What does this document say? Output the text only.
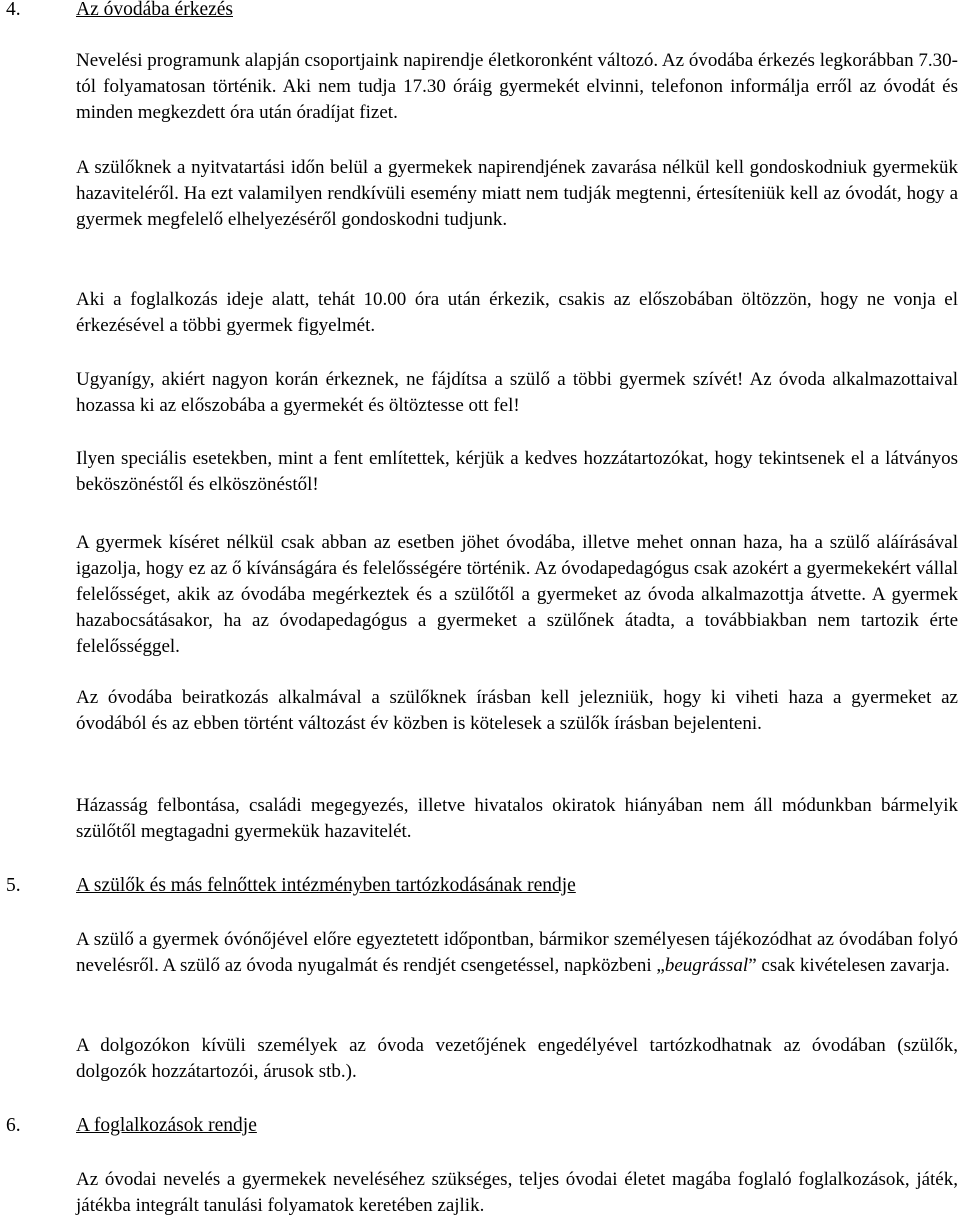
4.	Az óvodába érkezés

Nevelési programunk alapján csoportjaink napirendje életkoronként változó. Az óvodába érkezés legkorábban 7.30-tól folyamatosan történik. Aki nem tudja 17.30 óráig gyermekét elvinni, telefonon informálja erről az óvodát és minden megkezdett óra után óradíjat fizet.

A szülőknek a nyitvatartási időn belül a gyermekek napirendjének zavarása nélkül kell gondoskodniuk gyermekük hazaviteléről. Ha ezt valamilyen rendkívüli esemény miatt nem tudják megtenni, értesíteniük kell az óvodát, hogy a gyermek megfelelő elhelyezéséről gondoskodni tudjunk.

Aki a foglalkozás ideje alatt, tehát 10.00 óra után érkezik, csakis az előszobában öltözzön, hogy ne vonja el érkezésével a többi gyermek figyelmét.

Ugyanígy, akiért nagyon korán érkeznek, ne fájdítsa a szülő a többi gyermek szívét! Az óvoda alkalmazottaival hozassa ki az előszobába a gyermekét és öltöztesse ott fel!

Ilyen speciális esetekben, mint a fent említettek, kérjük a kedves hozzátartozókat, hogy tekintsenek el a látványos beköszönéstől és elköszönéstől!

A gyermek kíséret nélkül csak abban az esetben jöhet óvodába, illetve mehet onnan haza, ha a szülő aláírásával igazolja, hogy ez az ő kívánságára és felelősségére történik. Az óvodapedagógus csak azokért a gyermekekért vállal felelősséget, akik az óvodába megérkeztek és a szülőtől a gyermeket az óvoda alkalmazottja átvette. A gyermek hazabocsátásakor, ha az óvodapedagógus a gyermeket a szülőnek átadta, a továbbiakban nem tartozik érte felelősséggel.

Az óvodába beiratkozás alkalmával a szülőknek írásban kell jelezniük, hogy ki viheti haza a gyermeket az óvodából és az ebben történt változást év közben is kötelesek a szülők írásban bejelenteni.

Házasság felbontása, családi megegyezés, illetve hivatalos okiratok hiányában nem áll módunkban bármelyik szülőtől megtagadni gyermekük hazavitelét.

5.	A szülők és más felnőttek intézményben tartózkodásának rendje

A szülő a gyermek óvónőjével előre egyeztetett időpontban, bármikor személyesen tájékozódhat az óvodában folyó nevelésről. A szülő az óvoda nyugalmát és rendjét csengetéssel, napközbeni „beugrással” csak kivételesen zavarja.

A dolgozókon kívüli személyek az óvoda vezetőjének engedélyével tartózkodhatnak az óvodában (szülők, dolgozók hozzátartozói, árusok stb.).

6.	A foglalkozások rendje

Az óvodai nevelés a gyermekek neveléséhez szükséges, teljes óvodai életet magába foglaló foglalkozások, játék, játékba integrált tanulási folyamatok keretében zajlik.
